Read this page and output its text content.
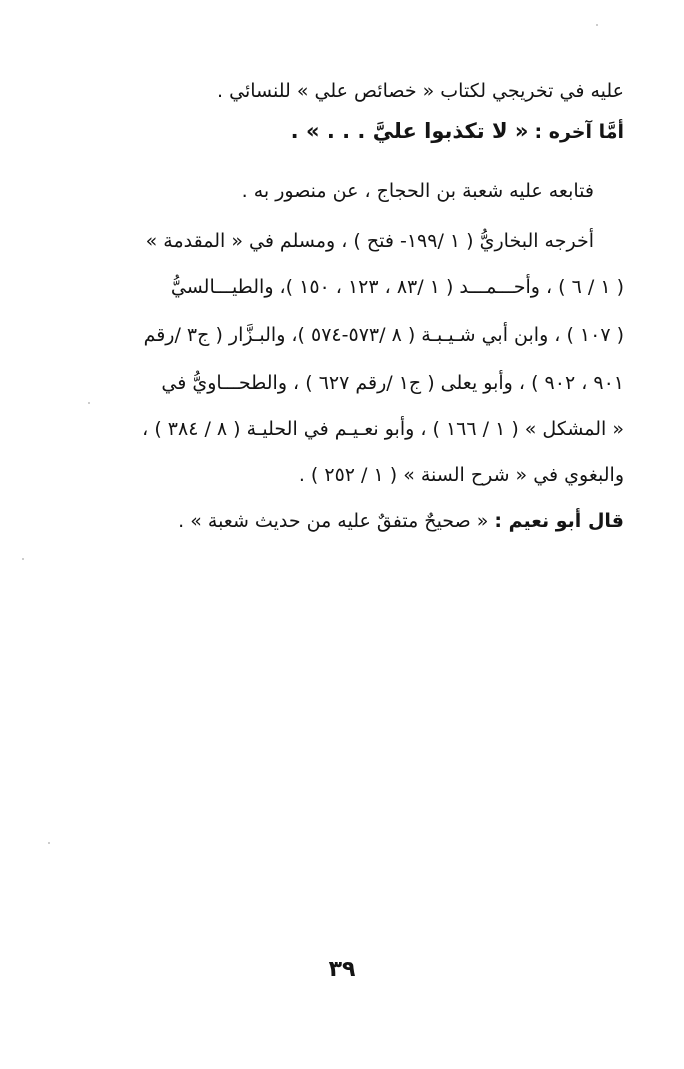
عليه في تخريجي لكتاب « خصائص علي » للنسائي .
أمَّا آخره : « لا تكذبوا عليَّ . . . » .
فتابعه عليه شعبة بن الحجاج ، عن منصور به .
أخرجه البخاريُّ ( ١ /١٩٩- فتح ) ، ومسلم في « المقدمة »
( ١ / ٦ ) ، وأحـــمـــد ( ١ /٨٣ ، ١٢٣ ، ١٥٠ )، والطيـــالسيُّ
( ١٠٧ ) ، وابن أبي شـيـبـة ( ٨ /٥٧٣-٥٧٤ )، والبـزَّار ( ج٣ /رقم
٩٠١ ، ٩٠٢ ) ، وأبو يعلى ( ج١ /رقم ٦٢٧ ) ، والطحـــاويُّ في
« المشكل » ( ١ / ١٦٦ ) ، وأبو نعـيـم في الحليـة ( ٨ / ٣٨٤ ) ،
والبغوي في « شرح السنة » ( ١ / ٢٥٢ ) .
قال أبو نعيم : « صحيحٌ متفقٌ عليه من حديث شعبة » .
٣٩
